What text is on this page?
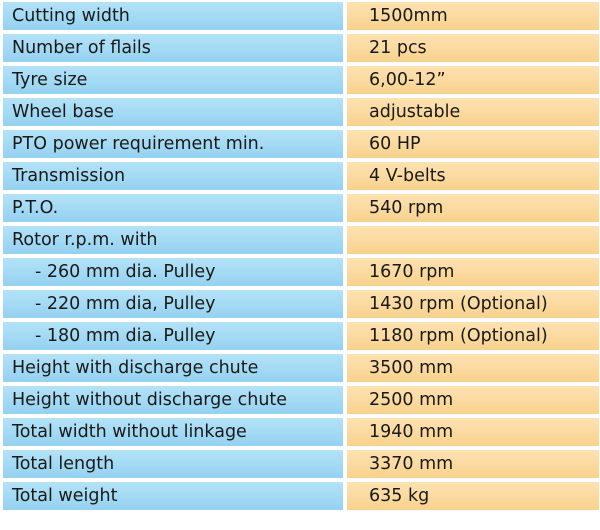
Cutting width	1500mm
Number of flails	21 pcs
Tyre size	6,00-12”
Wheel base	adjustable
PTO power requirement min.	60 HP
Transmission	4 V-belts
P.T.O.	540 rpm
Rotor r.p.m. with
- 260 mm dia. Pulley	1670 rpm
- 220 mm dia, Pulley	1430 rpm (Optional)
- 180 mm dia. Pulley	1180 rpm (Optional)
Height with discharge chute	3500 mm
Height without discharge chute	2500 mm
Total width without linkage	1940 mm
Total length	3370 mm
Total weight	635 kg
